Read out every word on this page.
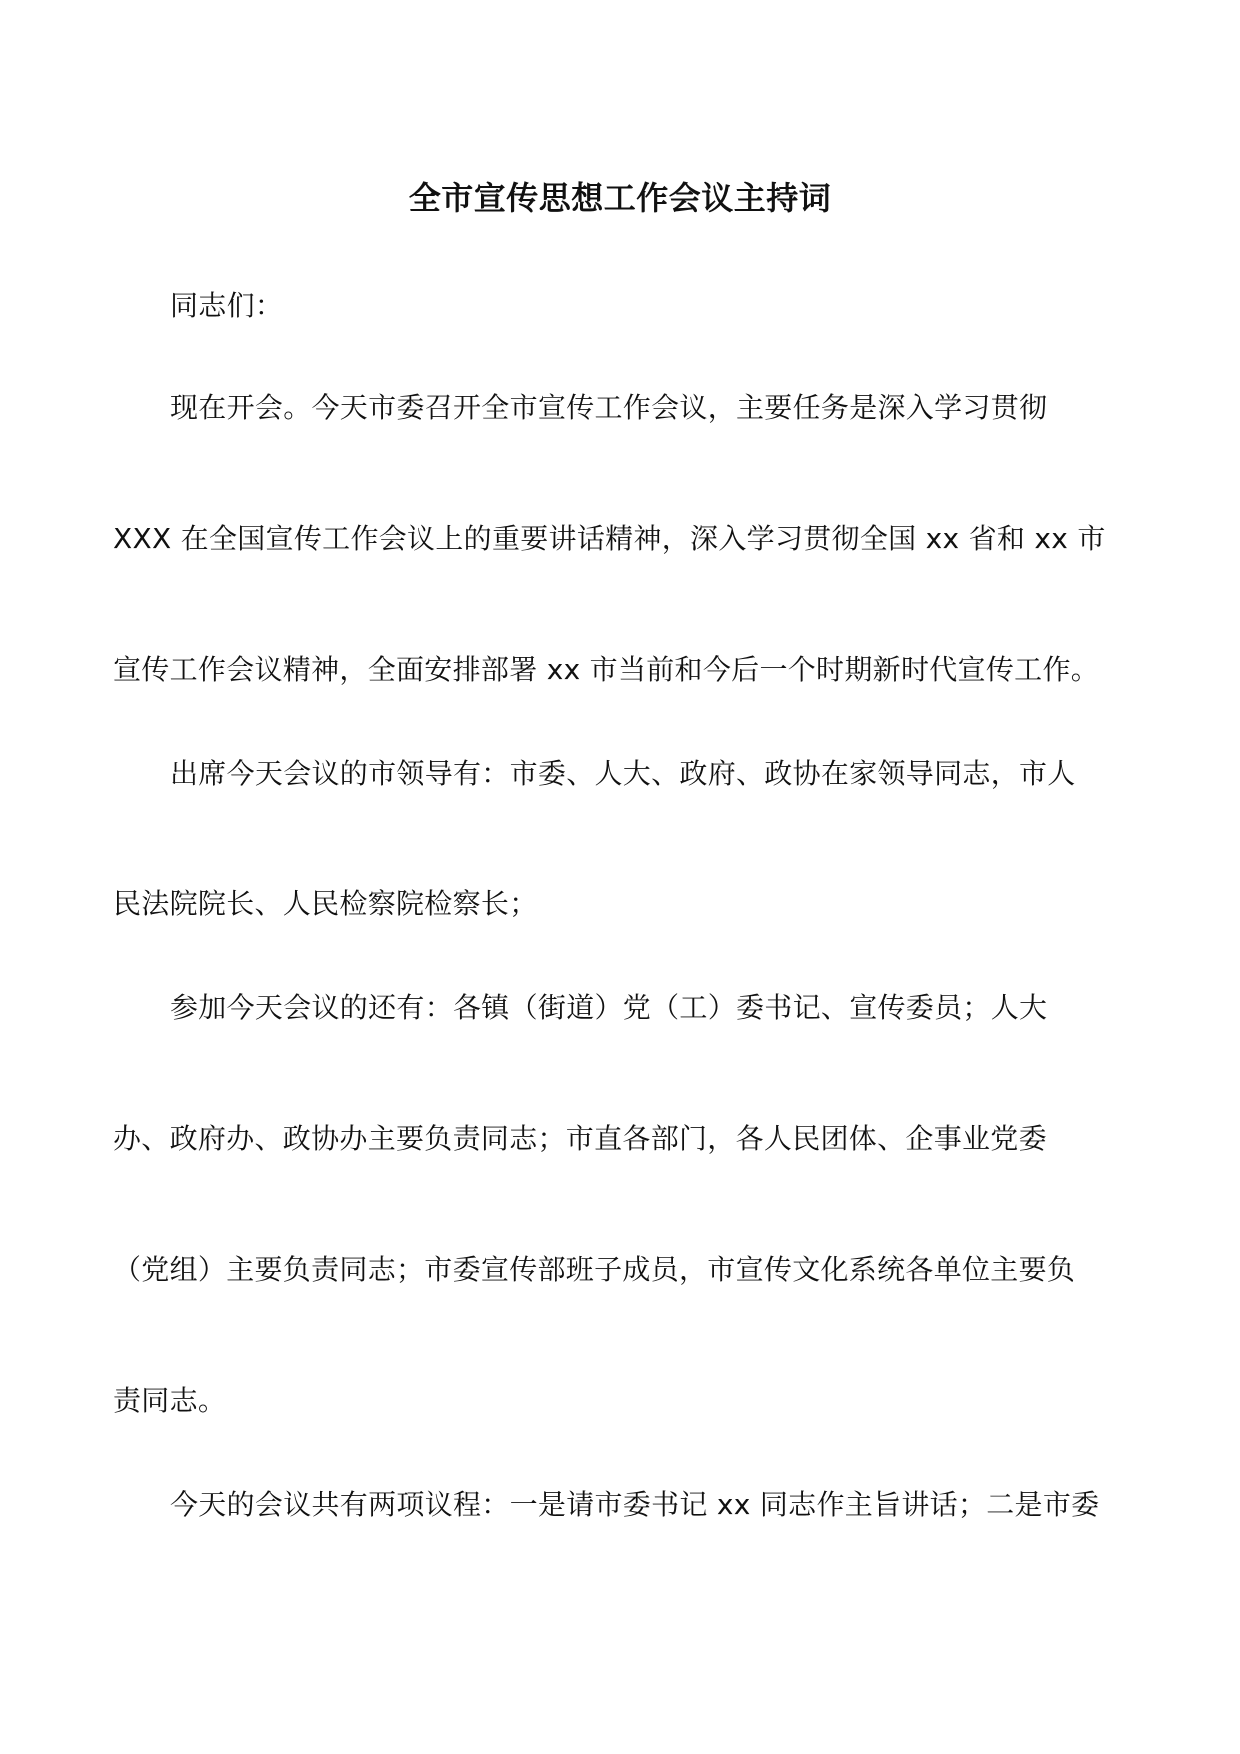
全市宣传思想工作会议主持词
同志们：
现在开会。今天市委召开全市宣传工作会议，主要任务是深入学习贯彻
XXX 在全国宣传工作会议上的重要讲话精神，深入学习贯彻全国 xx 省和 xx 市
宣传工作会议精神，全面安排部署 xx 市当前和今后一个时期新时代宣传工作。
出席今天会议的市领导有：市委、人大、政府、政协在家领导同志，市人
民法院院长、人民检察院检察长；
参加今天会议的还有：各镇（街道）党（工）委书记、宣传委员；人大
办、政府办、政协办主要负责同志；市直各部门，各人民团体、企事业党委
（党组）主要负责同志；市委宣传部班子成员，市宣传文化系统各单位主要负
责同志。
今天的会议共有两项议程：一是请市委书记 xx 同志作主旨讲话；二是市委
